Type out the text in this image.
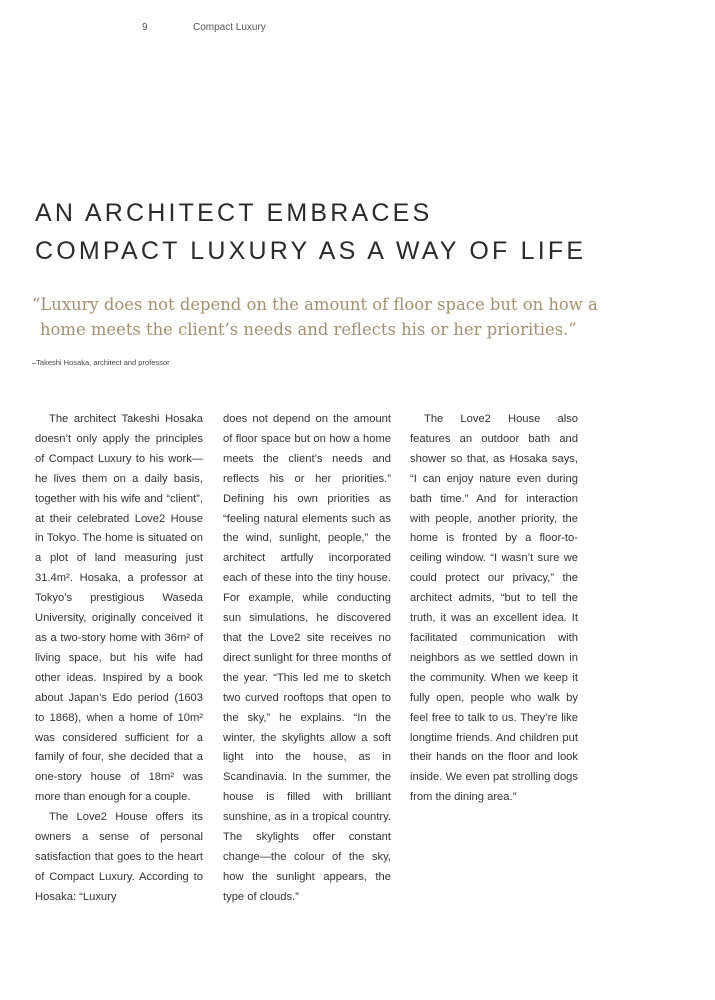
9	Compact Luxury
AN ARCHITECT EMBRACES
COMPACT LUXURY AS A WAY OF LIFE
“Luxury does not depend on the amount of floor space but on how a
home meets the client’s needs and reflects his or her priorities.”
–Takeshi Hosaka, architect and professor

The architect Takeshi Hosaka doesn’t only apply the principles of Compact Luxury to his work—he lives them on a daily basis, together with his wife and “client”, at their celebrated Love2 House in Tokyo. The home is situated on a plot of land measuring just 31.4m². Hosaka, a professor at Tokyo’s prestigious Waseda University, originally conceived it as a two-story home with 36m² of living space, but his wife had other ideas. Inspired by a book about Japan’s Edo period (1603 to 1868), when a home of 10m² was considered sufficient for a family of four, she decided that a one-story house of 18m² was more than enough for a couple.

The Love2 House offers its owners a sense of personal satisfaction that goes to the heart of Compact Luxury. According to Hosaka: “Luxury

does not depend on the amount of floor space but on how a home meets the client’s needs and reflects his or her priorities.” Defining his own priorities as “feeling natural elements such as the wind, sunlight, people,” the architect artfully incorporated each of these into the tiny house. For example, while conducting sun simulations, he discovered that the Love2 site receives no direct sunlight for three months of the year. “This led me to sketch two curved rooftops that open to the sky,” he explains. “In the winter, the skylights allow a soft light into the house, as in Scandinavia. In the summer, the house is filled with brilliant sunshine, as in a tropical country. The skylights offer constant change—the colour of the sky, how the sunlight appears, the type of clouds.”

The Love2 House also features an outdoor bath and shower so that, as Hosaka says, “I can enjoy nature even during bath time.” And for interaction with people, another priority, the home is fronted by a floor-to-ceiling window. “I wasn’t sure we could protect our privacy,” the architect admits, “but to tell the truth, it was an excellent idea. It facilitated communication with neighbors as we settled down in the community. When we keep it fully open, people who walk by feel free to talk to us. They’re like longtime friends. And children put their hands on the floor and look inside. We even pat strolling dogs from the dining area.”
